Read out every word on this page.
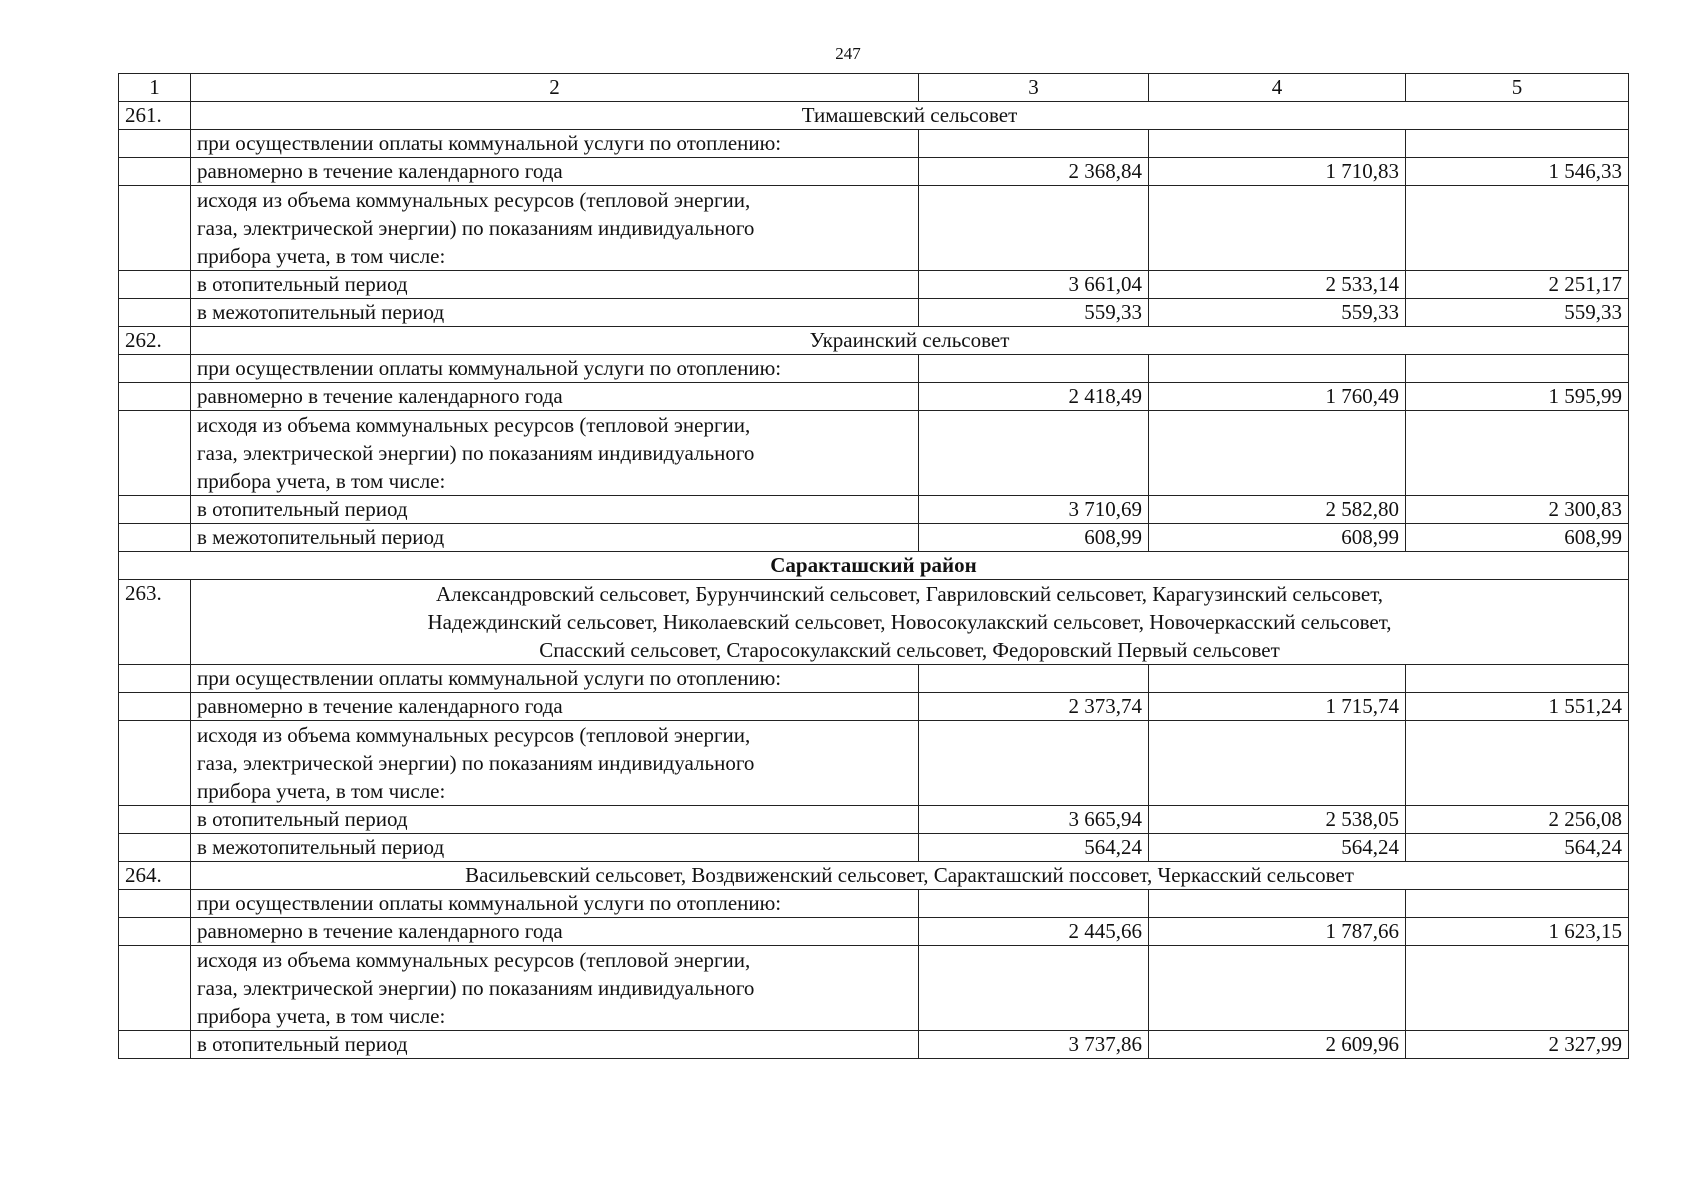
247
1	2	3	4	5
261.	Тимашевский сельсовет			
	при осуществлении оплаты коммунальной услуги по отоплению:			
	равномерно в течение календарного года	2 368,84	1 710,83	1 546,33

	исходя из объема коммунальных ресурсов (тепловой энергии,
газа, электрической энергии) по показаниям индивидуального
прибора учета, в том числе:			

	в отопительный период	3 661,04	2 533,14	2 251,17
	в межотопительный период	559,33	559,33	559,33
262.	Украинский сельсовет			
	при осуществлении оплаты коммунальной услуги по отоплению:			
	равномерно в течение календарного года	2 418,49	1 760,49	1 595,99

	исходя из объема коммунальных ресурсов (тепловой энергии,
газа, электрической энергии) по показаниям индивидуального
прибора учета, в том числе:			

	в отопительный период	3 710,69	2 582,80	2 300,83
	в межотопительный период	608,99	608,99	608,99
Саракташский район				
263.	Александровский сельсовет, Бурунчинский сельсовет, Гавриловский сельсовет, Карагузинский сельсовет,
Надеждинский сельсовет, Николаевский сельсовет, Новосокулакский сельсовет, Новочеркасский сельсовет,
Спасский сельсовет, Старосокулакский сельсовет, Федоровский Первый сельсовет			

	при осуществлении оплаты коммунальной услуги по отоплению:			
	равномерно в течение календарного года	2 373,74	1 715,74	1 551,24

	исходя из объема коммунальных ресурсов (тепловой энергии,
газа, электрической энергии) по показаниям индивидуального
прибора учета, в том числе:			

	в отопительный период	3 665,94	2 538,05	2 256,08
	в межотопительный период	564,24	564,24	564,24
264.	Васильевский сельсовет, Воздвиженский сельсовет, Саракташский поссовет, Черкасский сельсовет			
	при осуществлении оплаты коммунальной услуги по отоплению:			
	равномерно в течение календарного года	2 445,66	1 787,66	1 623,15

	исходя из объема коммунальных ресурсов (тепловой энергии,
газа, электрической энергии) по показаниям индивидуального
прибора учета, в том числе:			

	в отопительный период	3 737,86	2 609,96	2 327,99
